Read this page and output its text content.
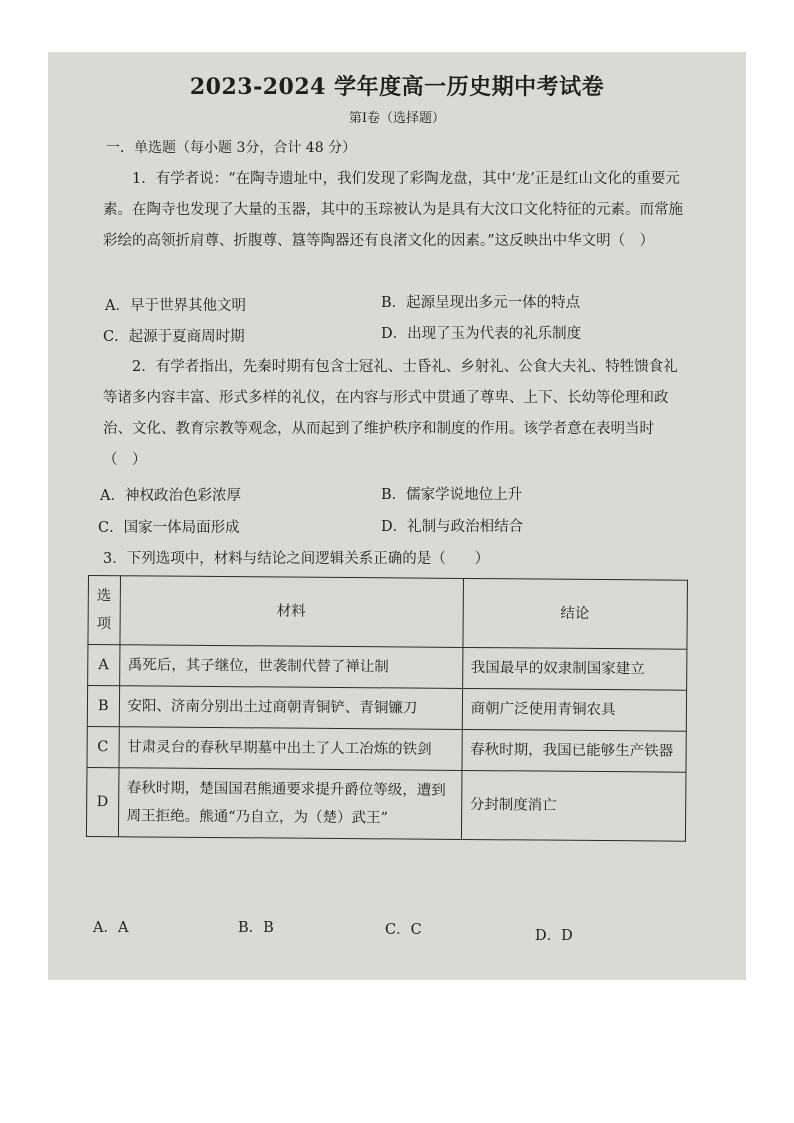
2023-2024 学年度高一历史期中考试卷
第Ⅰ卷（选择题）
一．单选题（每小题 3分，合计 48 分）
1．有学者说：“在陶寺遗址中，我们发现了彩陶龙盘，其中‘龙’正是红山文化的重要元素。在陶寺也发现了大量的玉器，其中的玉琮被认为是具有大汶口文化特征的元素。而常施彩绘的高领折肩尊、折腹尊、簋等陶器还有良渚文化的因素。”这反映出中华文明（　）
A．早于世界其他文明	B．起源呈现出多元一体的特点
C．起源于夏商周时期	D．出现了玉为代表的礼乐制度
2．有学者指出，先秦时期有包含士冠礼、士昏礼、乡射礼、公食大夫礼、特牲馈食礼等诸多内容丰富、形式多样的礼仪，在内容与形式中贯通了尊卑、上下、长幼等伦理和政治、文化、教育宗教等观念，从而起到了维护秩序和制度的作用。该学者意在表明当时（　）
A．神权政治色彩浓厚	B．儒家学说地位上升
C．国家一体局面形成	D．礼制与政治相结合
3．下列选项中，材料与结论之间逻辑关系正确的是（　　）
选项	材料	结论
A	禹死后，其子继位，世袭制代替了禅让制	我国最早的奴隶制国家建立
B	安阳、济南分别出土过商朝青铜铲、青铜镰刀	商朝广泛使用青铜农具
C	甘肃灵台的春秋早期墓中出土了人工冶炼的铁剑	春秋时期，我国已能够生产铁器
D	春秋时期，楚国国君熊通要求提升爵位等级，遭到周王拒绝。熊通“乃自立，为（楚）武王”	分封制度消亡
A．A	B．B	C．C	D．D
